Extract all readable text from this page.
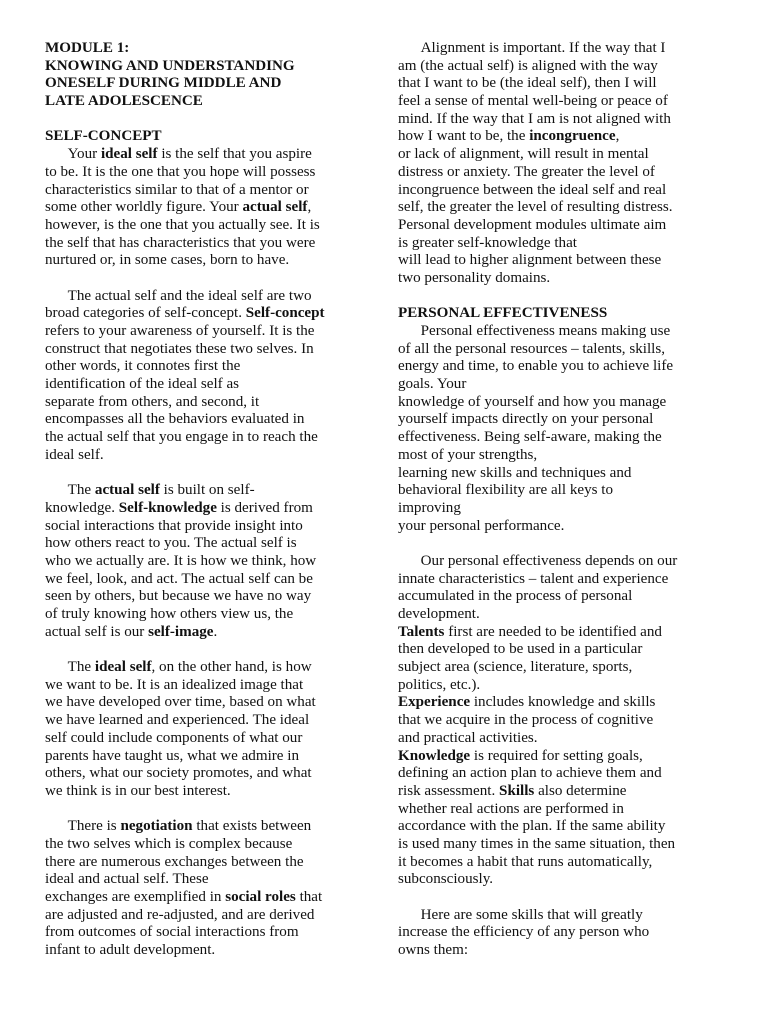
MODULE 1:
KNOWING AND UNDERSTANDING
ONESELF DURING MIDDLE AND
LATE ADOLESCENCE
SELF-CONCEPT
Your ideal self is the self that you aspire
to be. It is the one that you hope will possess
characteristics similar to that of a mentor or
some other worldly figure. Your actual self,
however, is the one that you actually see. It is
the self that has characteristics that you were
nurtured or, in some cases, born to have.
The actual self and the ideal self are two
broad categories of self-concept. Self-concept
refers to your awareness of yourself. It is the
construct that negotiates these two selves. In
other words, it connotes first the
identification of the ideal self as
separate from others, and second, it
encompasses all the behaviors evaluated in
the actual self that you engage in to reach the
ideal self.
The actual self is built on self-
knowledge. Self-knowledge is derived from
social interactions that provide insight into
how others react to you. The actual self is
who we actually are. It is how we think, how
we feel, look, and act. The actual self can be
seen by others, but because we have no way
of truly knowing how others view us, the
actual self is our self-image.
The ideal self, on the other hand, is how
we want to be. It is an idealized image that
we have developed over time, based on what
we have learned and experienced. The ideal
self could include components of what our
parents have taught us, what we admire in
others, what our society promotes, and what
we think is in our best interest.
There is negotiation that exists between
the two selves which is complex because
there are numerous exchanges between the
ideal and actual self. These
exchanges are exemplified in social roles that
are adjusted and re-adjusted, and are derived
from outcomes of social interactions from
infant to adult development.
Alignment is important. If the way that I
am (the actual self) is aligned with the way
that I want to be (the ideal self), then I will
feel a sense of mental well-being or peace of
mind. If the way that I am is not aligned with
how I want to be, the incongruence,
or lack of alignment, will result in mental
distress or anxiety. The greater the level of
incongruence between the ideal self and real
self, the greater the level of resulting distress.
Personal development modules ultimate aim
is greater self-knowledge that
will lead to higher alignment between these
two personality domains.
PERSONAL EFFECTIVENESS
Personal effectiveness means making use
of all the personal resources – talents, skills,
energy and time, to enable you to achieve life
goals. Your
knowledge of yourself and how you manage
yourself impacts directly on your personal
effectiveness. Being self-aware, making the
most of your strengths,
learning new skills and techniques and
behavioral flexibility are all keys to
improving
your personal performance.
Our personal effectiveness depends on our
innate characteristics – talent and experience
accumulated in the process of personal
development.
Talents first are needed to be identified and
then developed to be used in a particular
subject area (science, literature, sports,
politics, etc.).
Experience includes knowledge and skills
that we acquire in the process of cognitive
and practical activities.
Knowledge is required for setting goals,
defining an action plan to achieve them and
risk assessment. Skills also determine
whether real actions are performed in
accordance with the plan. If the same ability
is used many times in the same situation, then
it becomes a habit that runs automatically,
subconsciously.
Here are some skills that will greatly
increase the efficiency of any person who
owns them:
